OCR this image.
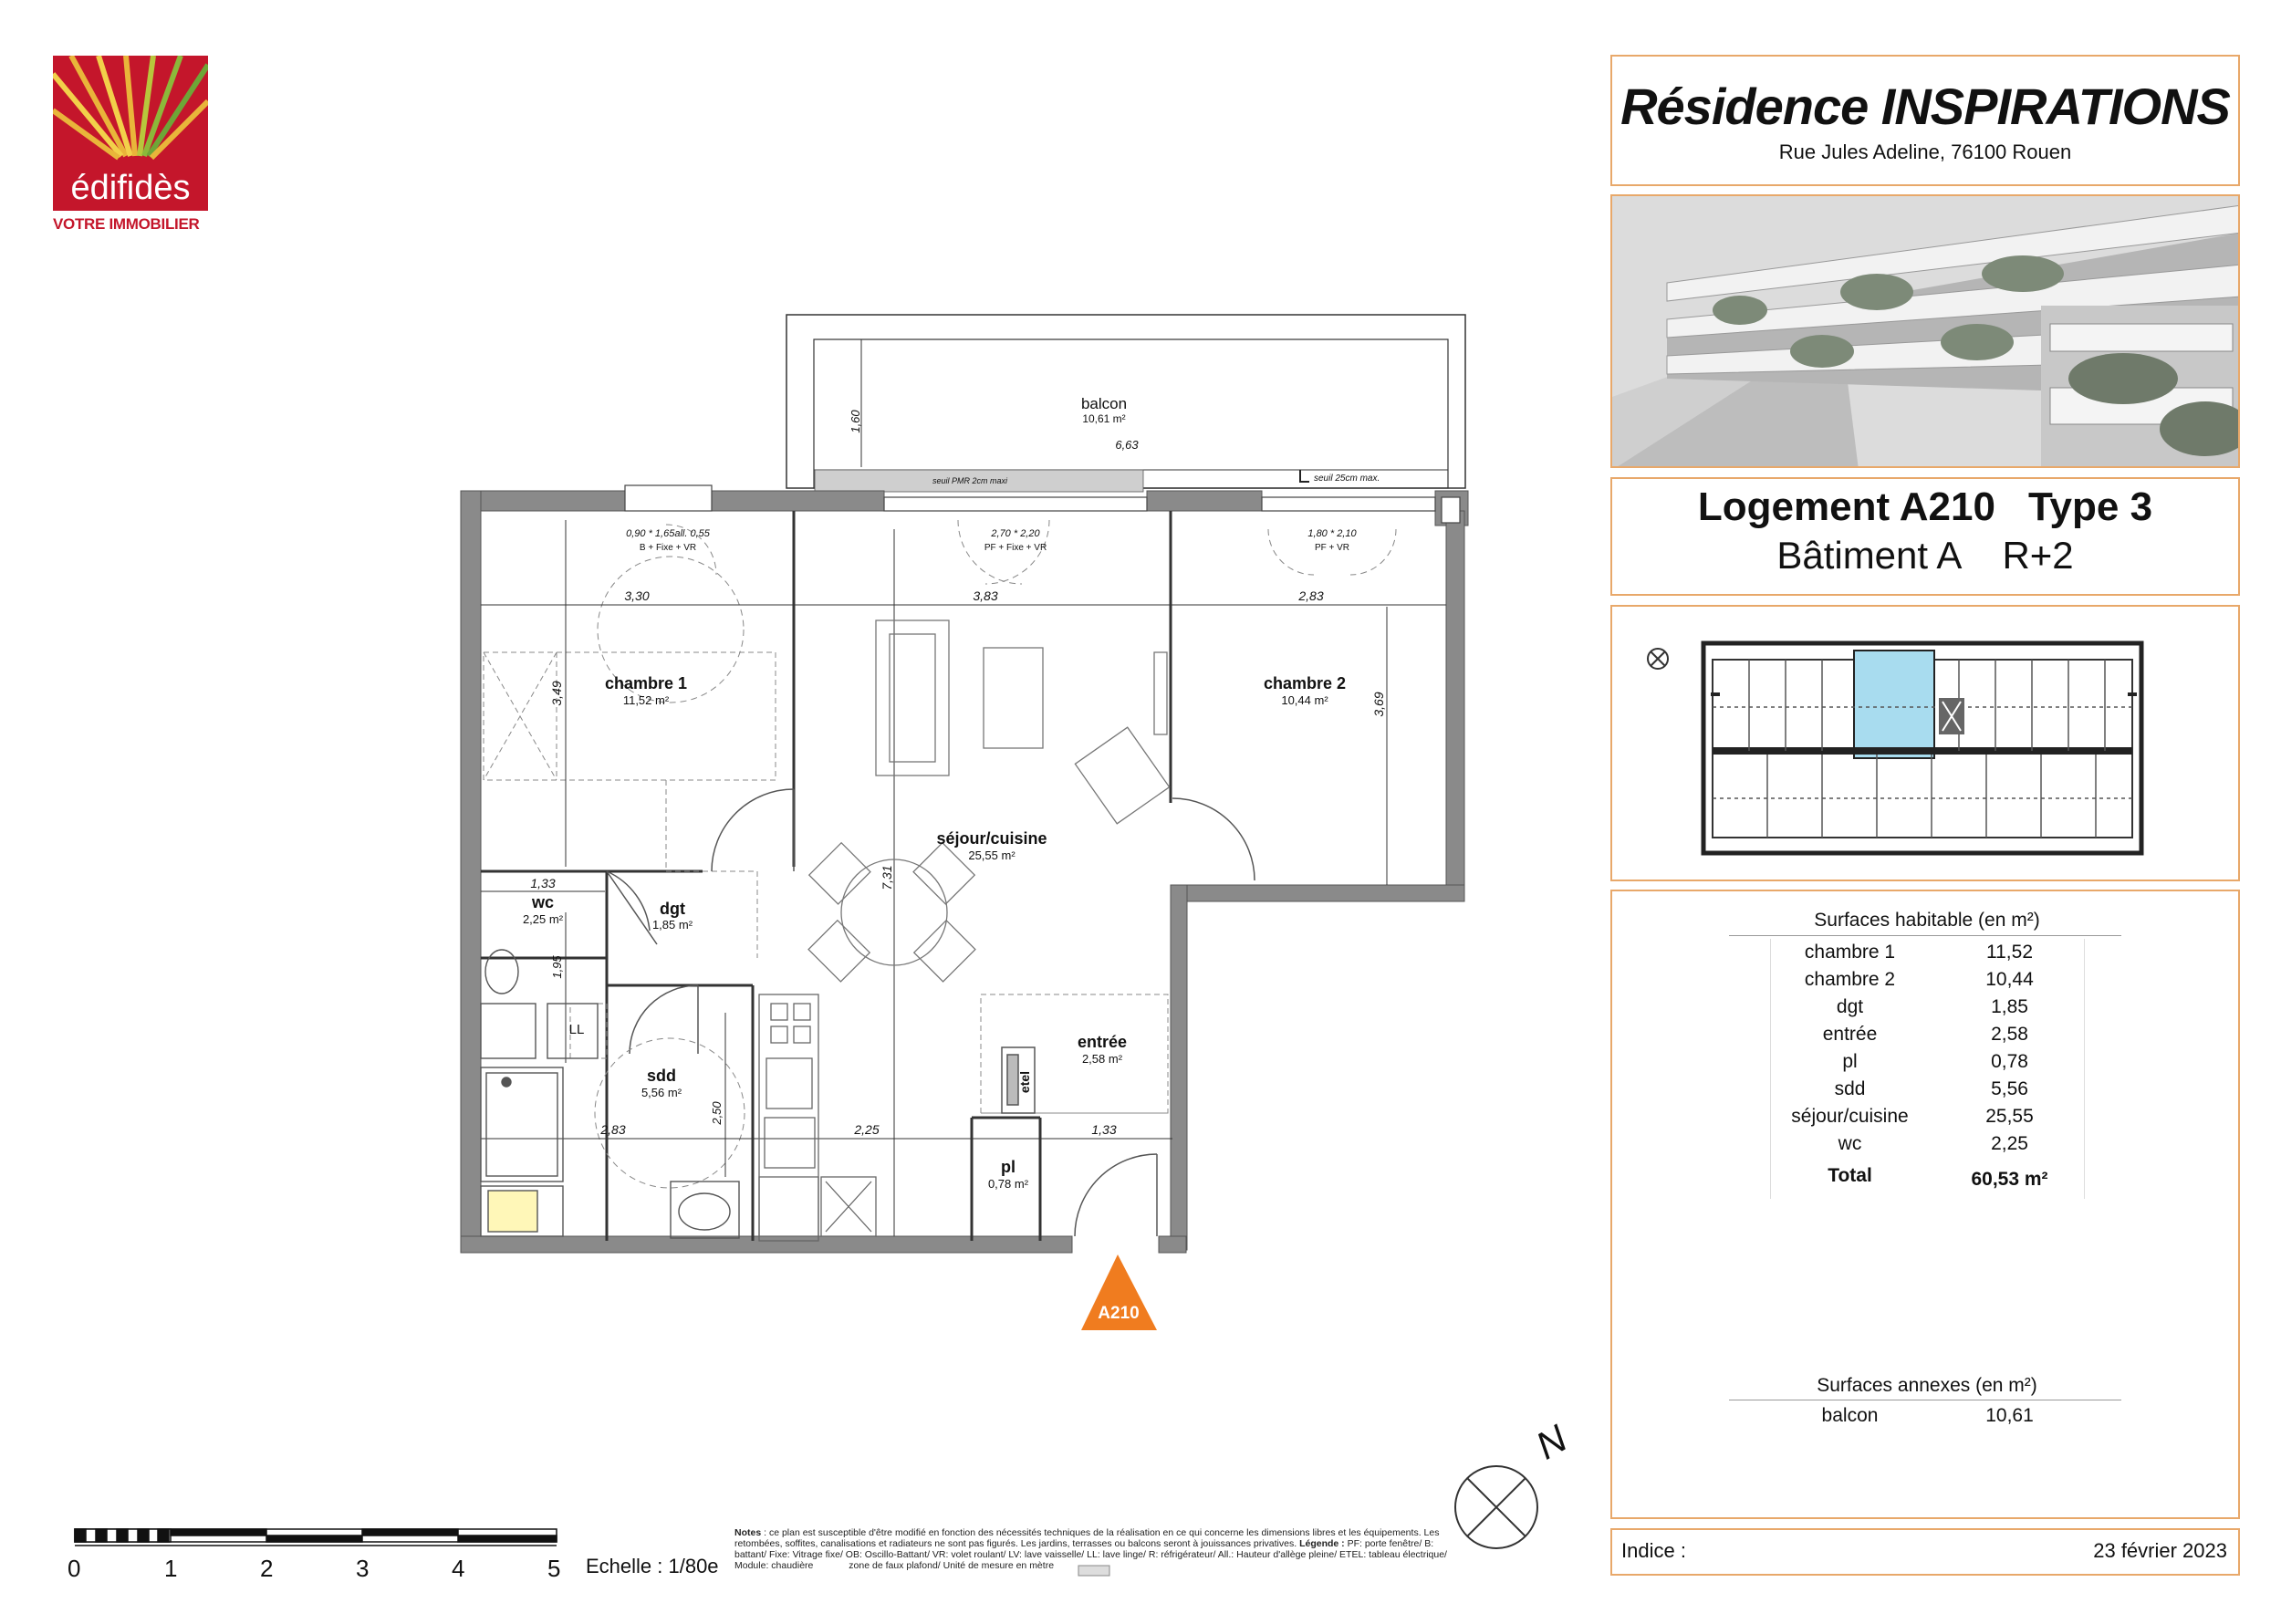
édifidès
VOTRE IMMOBILIER
balcon
10,61 m²
6,63
1,60
seuil PMR 2cm maxi	seuil 25cm max.
0,90 * 1,65all. 0,55
B + Fixe + VR
2,70 * 2,20
PF + Fixe + VR
1,80 * 2,10
PF + VR
3,30	3,83	2,83
3,49	3,69
7,31
chambre 1
11,52 m²
chambre 2
10,44 m²
séjour/cuisine
25,55 m²
1,33
wc
2,25 m²
1,95
dgt
1,85 m²
LL
sdd
5,56 m²
2,50
2,83	2,25	1,33
entrée
2,58 m²
etel
pl
0,78 m²
A210
N
0	1	2	3	4	5 Echelle : 1/80e
Notes : ce plan est susceptible d'être modifié en fonction des nécessités techniques de la réalisation en ce qui concerne les dimensions libres et les équipements. Les retombées, soffites, canalisations et radiateurs ne sont pas figurés. Les jardins, terrasses ou balcons seront à jouissances privatives. Légende : PF: porte fenêtre/ B: battant/ Fixe: Vitrage fixe/ OB: Oscillo-Battant/ VR: volet roulant/ LV: lave vaisselle/ LL: lave linge/ R: réfrigérateur/ All.: Hauteur d'allège pleine/ ETEL: tableau électrique/ Module: chaudière	zone de faux plafond/ Unité de mesure en mètre
Résidence INSPIRATIONS
Rue Jules Adeline, 76100 Rouen
Logement A210 Type 3
Bâtiment A R+2
Surfaces habitable (en m²)
chambre 1	11,52
chambre 2	10,44
dgt	1,85
entrée	2,58
pl	0,78
sdd	5,56
séjour/cuisine	25,55
wc	2,25
Total	60,53 m²
Surfaces annexes (en m²)
balcon	10,61
Indice :	23 février 2023
